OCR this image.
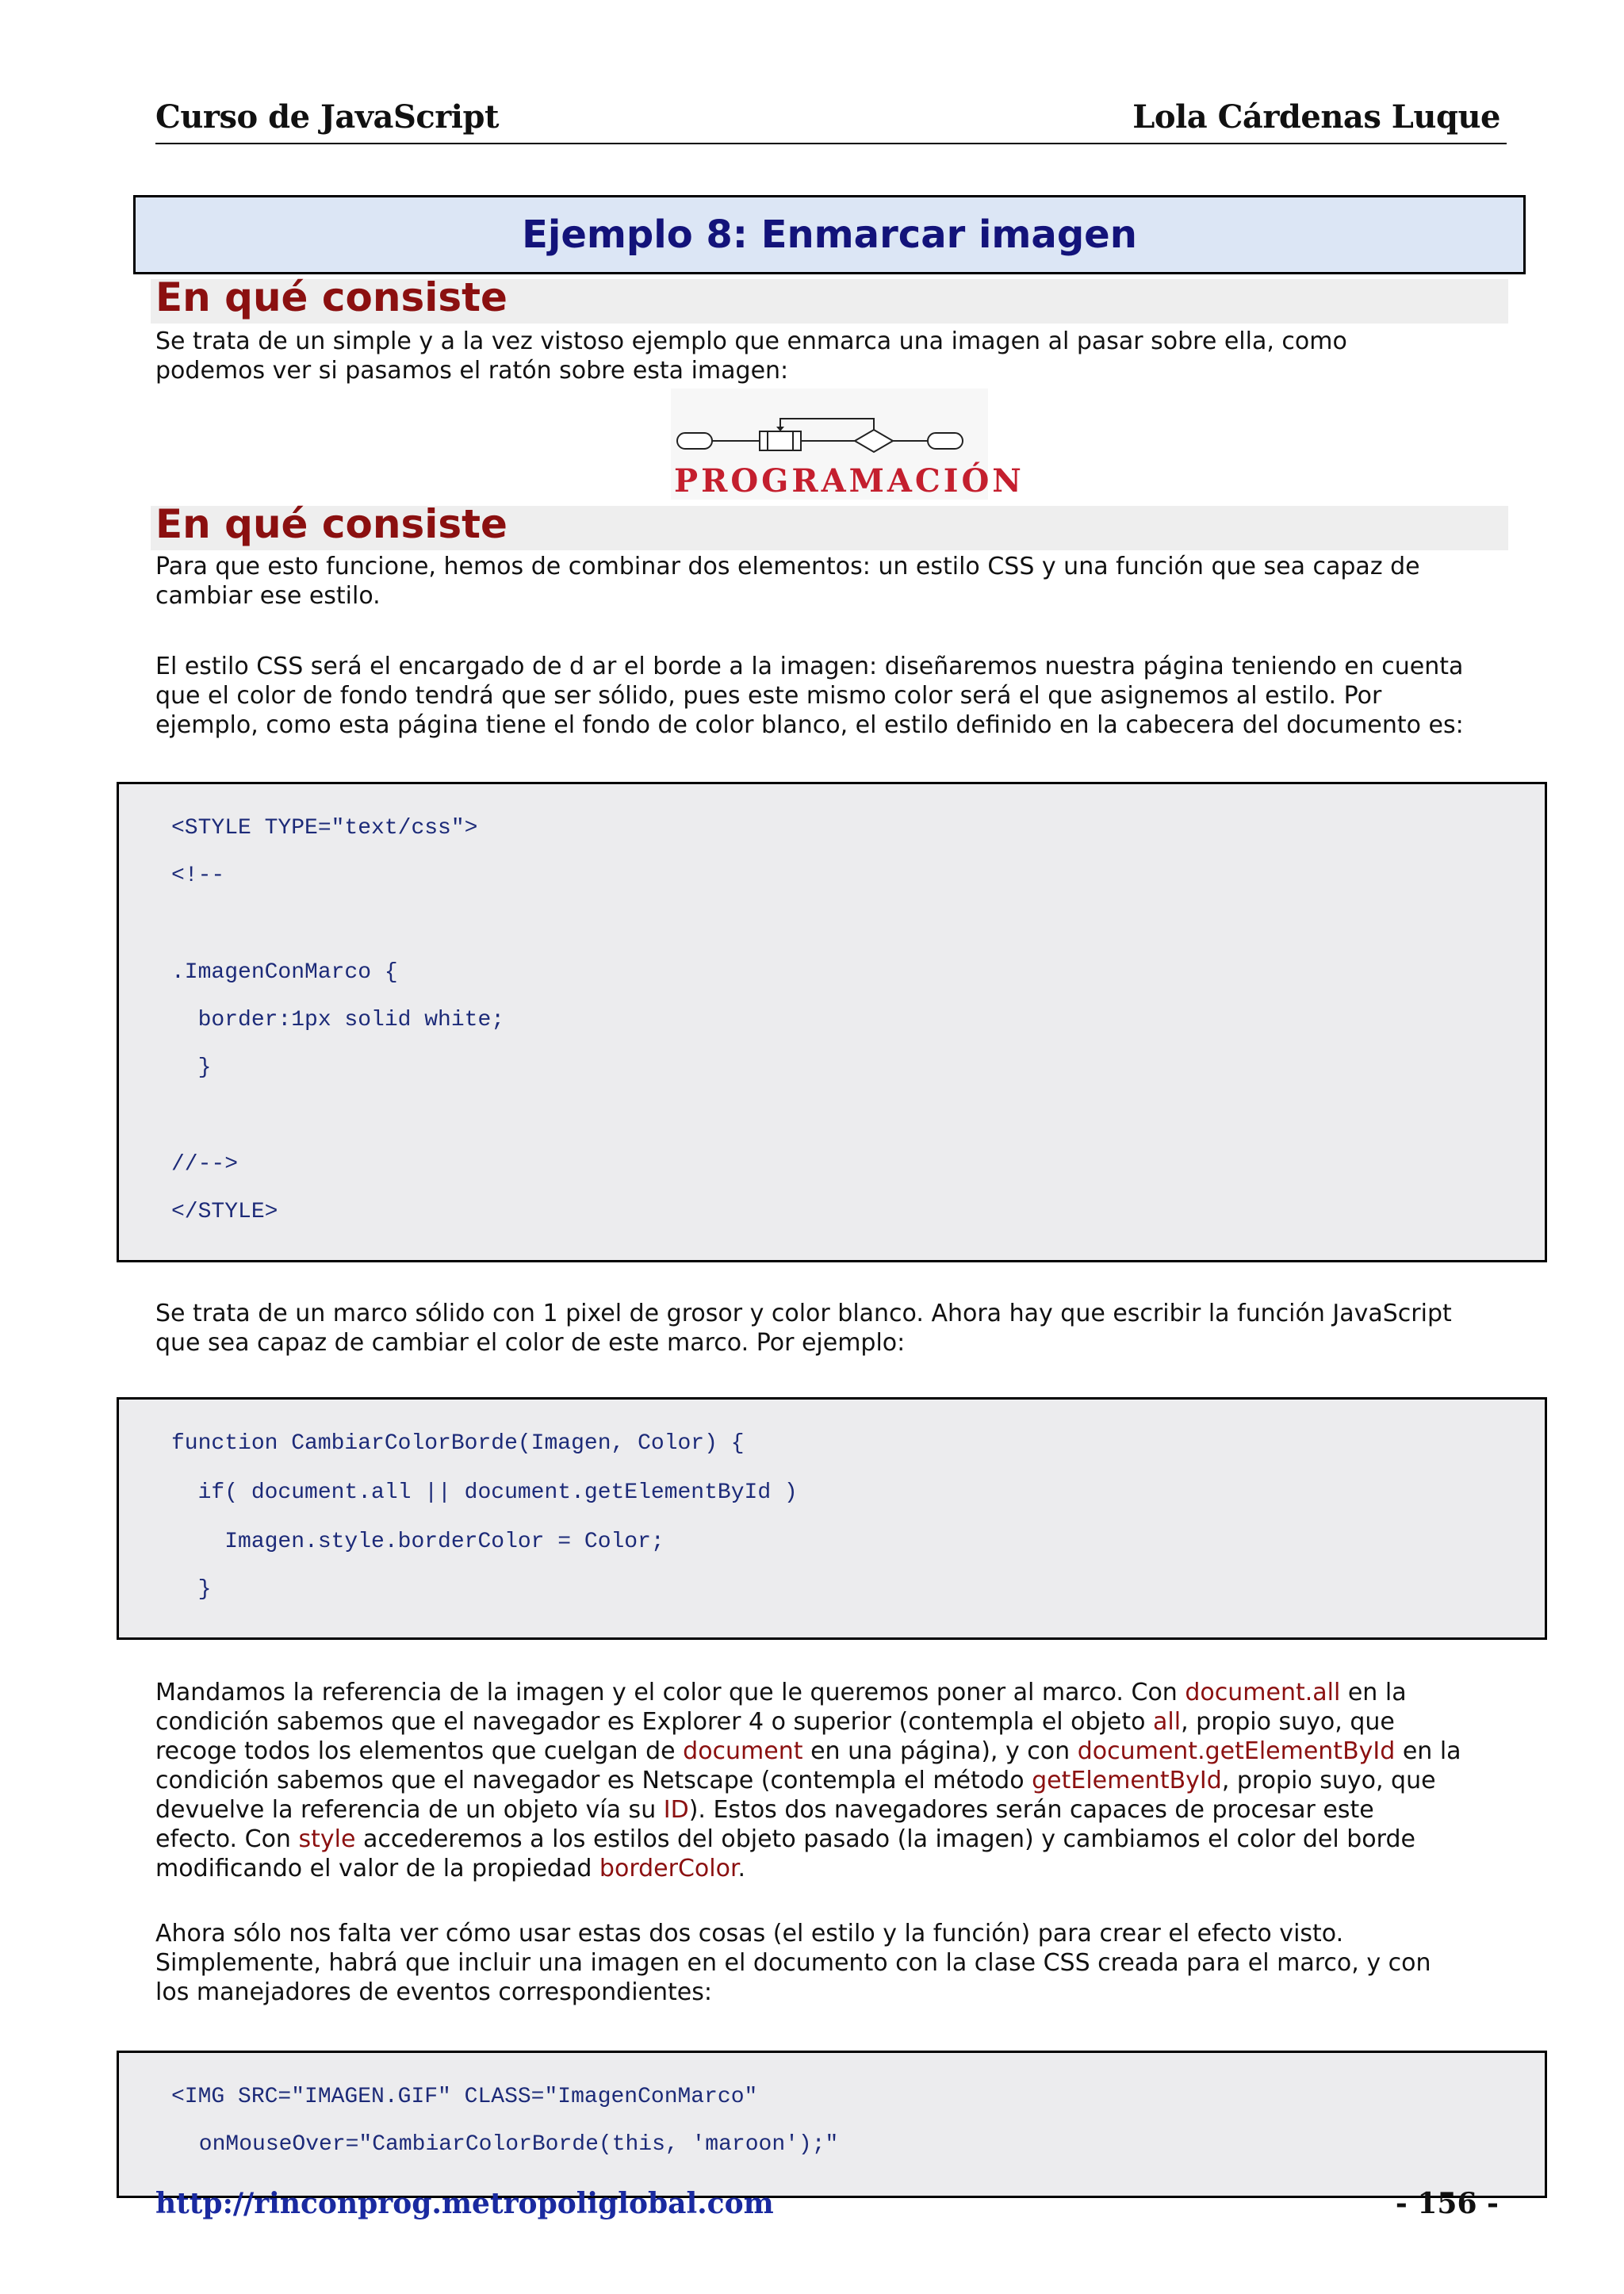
Curso de JavaScript	Lola Cárdenas Luque
Ejemplo 8: Enmarcar imagen
En qué consiste

Se trata de un simple y a la vez vistoso ejemplo que enmarca una imagen al pasar sobre ella, como

podemos ver si pasamos el ratón sobre esta imagen:

PROGRAMACIÓN
En qué consiste

Para que esto funcione, hemos de combinar dos elementos: un estilo CSS y una función que sea capaz de

cambiar ese estilo.

El estilo CSS será el encargado de d ar el borde a la imagen: diseñaremos nuestra página teniendo en cuenta

que el color de fondo tendrá que ser sólido, pues este mismo color será el que asignemos al estilo. Por

ejemplo, como esta página tiene el fondo de color blanco, el estilo definido en la cabecera del documento es:

<STYLE TYPE="text/css">
<!--
.ImagenConMarco {
border:1px solid white;
}
//-->
</STYLE>

Se trata de un marco sólido con 1 pixel de grosor y color blanco. Ahora hay que escribir la función JavaScript

que sea capaz de cambiar el color de este marco. Por ejemplo:

function CambiarColorBorde(Imagen, Color) {
if( document.all || document.getElementById )
Imagen.style.borderColor = Color;
}

Mandamos la referencia de la imagen y el color que le queremos poner al marco. Con document.all en la

condición sabemos que el navegador es Explorer 4 o superior (contempla el objeto all, propio suyo, que

recoge todos los elementos que cuelgan de document en una página), y con document.getElementById en la

condición sabemos que el navegador es Netscape (contempla el método getElementById, propio suyo, que

devuelve la referencia de un objeto vía su ID). Estos dos navegadores serán capaces de procesar este

efecto. Con style accederemos a los estilos del objeto pasado (la imagen) y cambiamos el color del borde

modificando el valor de la propiedad borderColor.

Ahora sólo nos falta ver cómo usar estas dos cosas (el estilo y la función) para crear el efecto visto.

Simplemente, habrá que incluir una imagen en el documento con la clase CSS creada para el marco, y con

los manejadores de eventos correspondientes:

<IMG SRC="IMAGEN.GIF" CLASS="ImagenConMarco"
onMouseOver="CambiarColorBorde(this, 'maroon');"
http://rinconprog.metropoliglobal.com	- 156 -
